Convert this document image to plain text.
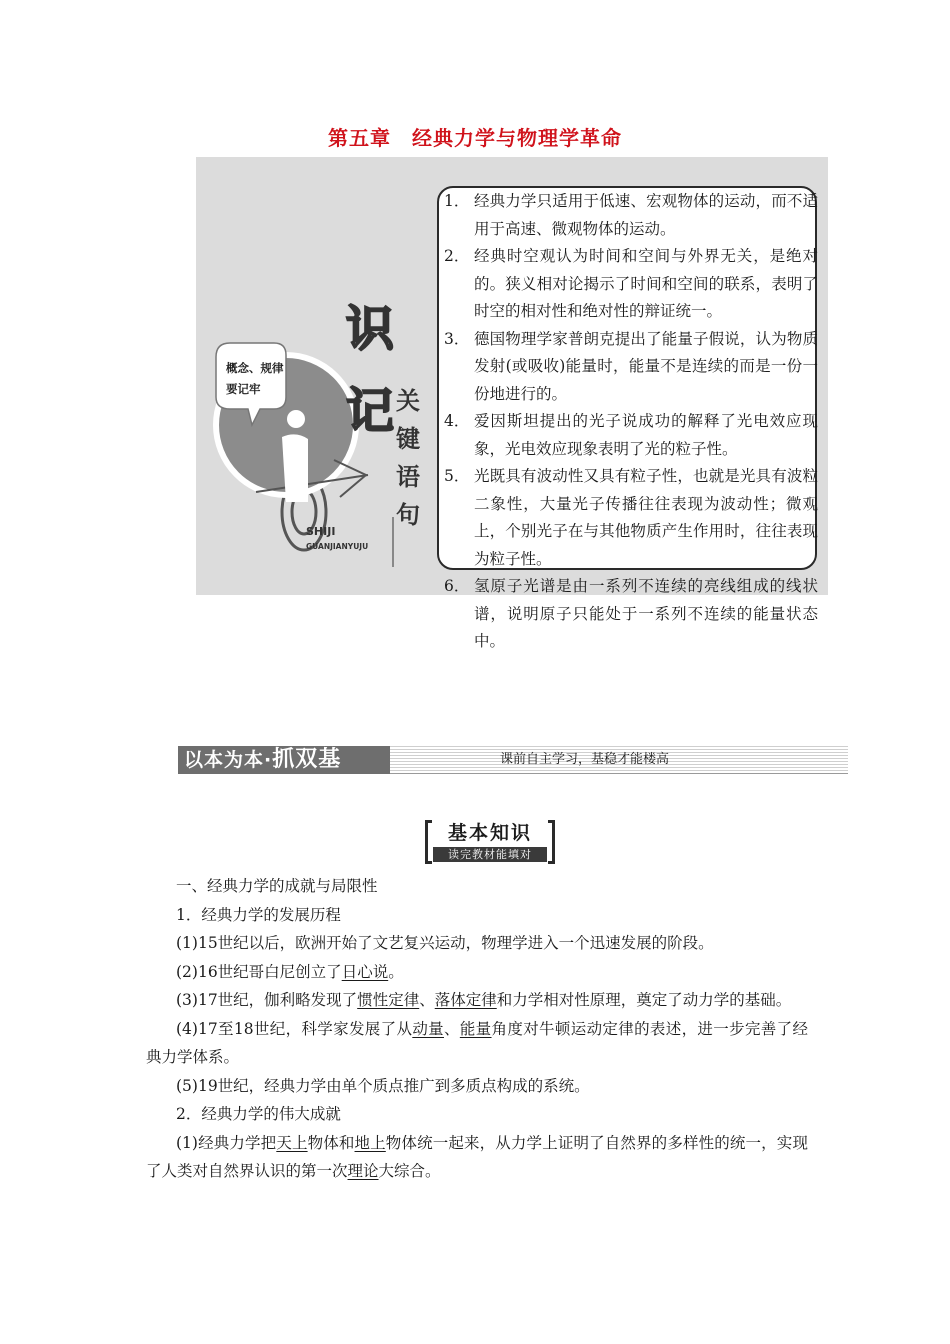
第五章　经典力学与物理学革命
概念、规律
要记牢
识
记 关
键
语
句
SHIJI
GUANJIANYUJU
1． 经典力学只适用于低速、宏观物体的运动，而不适用于高速、微观物体的运动。
2． 经典时空观认为时间和空间与外界无关，是绝对的。狭义相对论揭示了时间和空间的联系，表明了时空的相对性和绝对性的辩证统一。
3． 德国物理学家普朗克提出了能量子假说，认为物质发射(或吸收)能量时，能量不是连续的而是一份一份地进行的。
4． 爱因斯坦提出的光子说成功的解释了光电效应现象，光电效应现象表明了光的粒子性。
5． 光既具有波动性又具有粒子性，也就是光具有波粒二象性，大量光子传播往往表现为波动性；微观上，个别光子在与其他物质产生作用时，往往表现为粒子性。
6． 氢原子光谱是由一系列不连续的亮线组成的线状谱，说明原子只能处于一系列不连续的能量状态中。
以本为本·抓双基	课前自主学习，基稳才能楼高
基本知识
读完教材能填对

一、经典力学的成就与局限性

1．经典力学的发展历程

(1)15世纪以后，欧洲开始了文艺复兴运动，物理学进入一个迅速发展的阶段。

(2)16世纪哥白尼创立了日心说。

(3)17世纪，伽利略发现了惯性定律、落体定律和力学相对性原理，奠定了动力学的基础。

(4)17至18世纪，科学家发展了从动量、能量角度对牛顿运动定律的表述，进一步完善了经典力学体系。

(5)19世纪，经典力学由单个质点推广到多质点构成的系统。

2．经典力学的伟大成就

(1)经典力学把天上物体和地上物体统一起来，从力学上证明了自然界的多样性的统一，实现了人类对自然界认识的第一次理论大综合。
